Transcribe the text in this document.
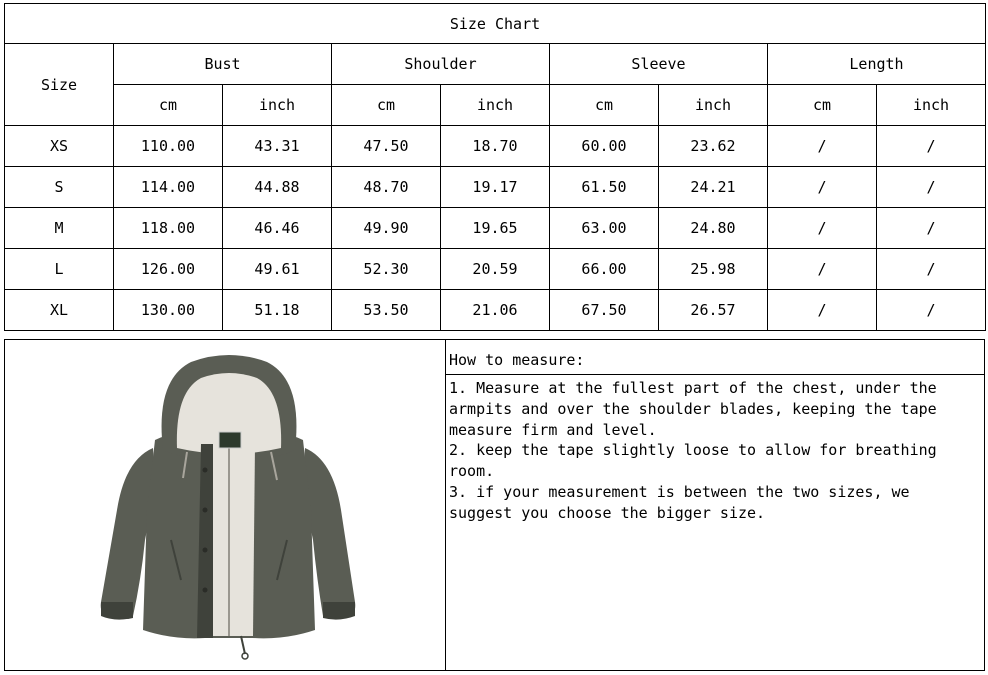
Size Chart								
Size	Bust		Shoulder		Sleeve		Length	
	cm	inch	cm	inch	cm	inch	cm	inch
XS	110.00	43.31	47.50	18.70	60.00	23.62	/	/
S	114.00	44.88	48.70	19.17	61.50	24.21	/	/
M	118.00	46.46	49.90	19.65	63.00	24.80	/	/
L	126.00	49.61	52.30	20.59	66.00	25.98	/	/
XL	130.00	51.18	53.50	21.06	67.50	26.57	/	/
How to measure:

1. Measure at the fullest part of the chest, under the armpits and over the shoulder blades, keeping the tape measure firm and level.

2. keep the tape slightly loose to allow for breathing room.

3. if your measurement is between the two sizes, we suggest you choose the bigger size.
